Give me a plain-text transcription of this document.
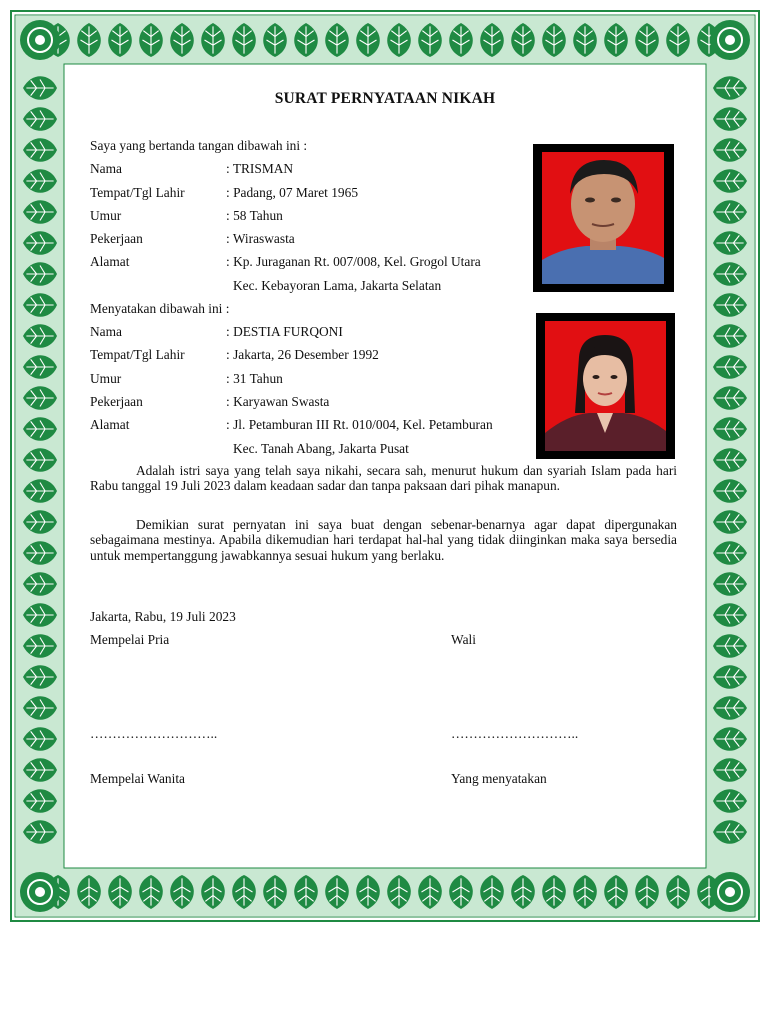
SURAT PERNYATAAN NIKAH
Saya yang bertanda tangan dibawah ini :
Nama	: TRISMAN
Tempat/Tgl Lahir	: Padang, 07 Maret 1965
Umur	: 58 Tahun
Pekerjaan	: Wiraswasta
Alamat	: Kp. Juraganan Rt. 007/008, Kel. Grogol Utara
Kec. Kebayoran Lama, Jakarta Selatan
Menyatakan dibawah ini :
Nama	: DESTIA FURQONI
Tempat/Tgl Lahir	: Jakarta, 26 Desember 1992
Umur	: 31 Tahun
Pekerjaan	: Karyawan Swasta
Alamat	: Jl. Petamburan III Rt. 010/004, Kel. Petamburan
Kec. Tanah Abang, Jakarta Pusat
Adalah istri saya yang telah saya nikahi, secara sah, menurut hukum dan syariah Islam pada hari Rabu tanggal 19 Juli 2023 dalam keadaan sadar dan tanpa paksaan dari pihak manapun.
Demikian surat pernyatan ini saya buat dengan sebenar-benarnya agar dapat dipergunakan sebagaimana mestinya. Apabila dikemudian hari terdapat hal-hal yang tidak diinginkan maka saya bersedia untuk mempertanggung jawabkannya sesuai hukum yang berlaku.
Jakarta, Rabu, 19 Juli 2023
Mempelai Pria	Wali
………………………..	………………………..
Mempelai Wanita	Yang menyatakan
